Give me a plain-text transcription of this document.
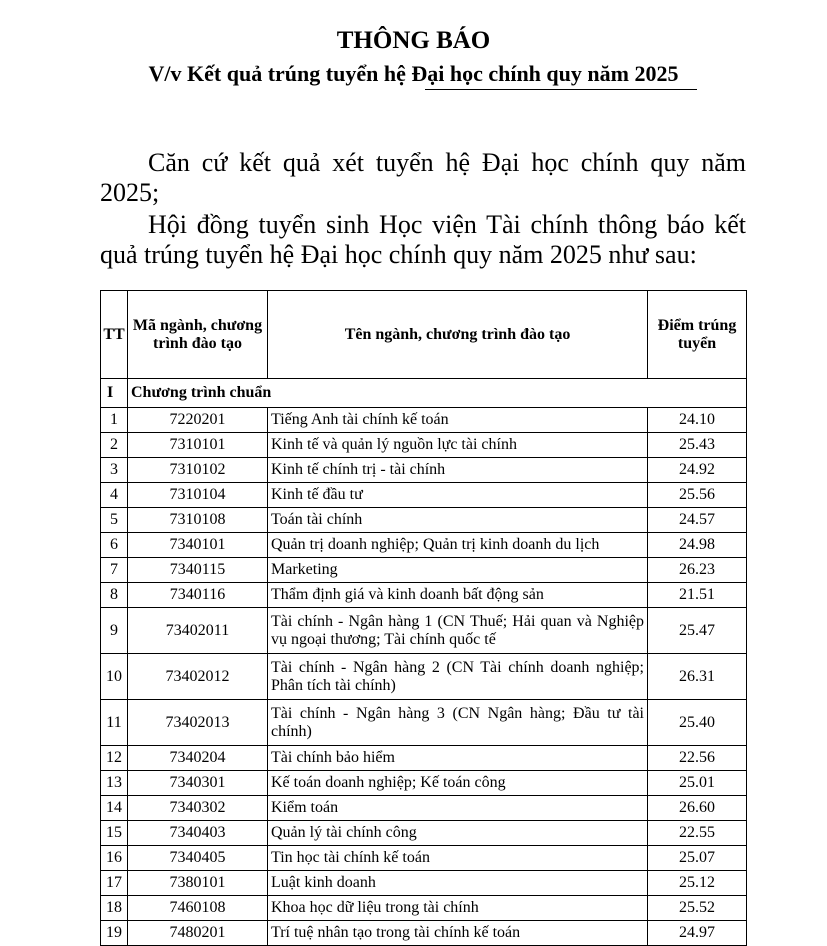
THÔNG BÁO
V/v Kết quả trúng tuyển hệ Đại học chính quy năm 2025

Căn cứ kết quả xét tuyển hệ Đại học chính quy năm 2025;

Hội đồng tuyển sinh Học viện Tài chính thông báo kết quả trúng tuyển hệ Đại học chính quy năm 2025 như sau:

TT	Mã ngành, chương trình đào tạo	Tên ngành, chương trình đào tạo	Điểm trúng tuyển
I	Chương trình chuẩn		
1	7220201	Tiếng Anh tài chính kế toán	24.10
2	7310101	Kinh tế và quản lý nguồn lực tài chính	25.43
3	7310102	Kinh tế chính trị - tài chính	24.92
4	7310104	Kinh tế đầu tư	25.56
5	7310108	Toán tài chính	24.57
6	7340101	Quản trị doanh nghiệp; Quản trị kinh doanh du lịch	24.98
7	7340115	Marketing	26.23
8	7340116	Thẩm định giá và kinh doanh bất động sản	21.51
9	73402011	Tài chính - Ngân hàng 1 (CN Thuế; Hải quan và Nghiệp vụ ngoại thương; Tài chính quốc tế	25.47
10	73402012	Tài chính - Ngân hàng 2 (CN Tài chính doanh nghiệp; Phân tích tài chính)	26.31
11	73402013	Tài chính - Ngân hàng 3 (CN Ngân hàng; Đầu tư tài chính)	25.40
12	7340204	Tài chính bảo hiểm	22.56
13	7340301	Kế toán doanh nghiệp; Kế toán công	25.01
14	7340302	Kiểm toán	26.60
15	7340403	Quản lý tài chính công	22.55
16	7340405	Tin học tài chính kế toán	25.07
17	7380101	Luật kinh doanh	25.12
18	7460108	Khoa học dữ liệu trong tài chính	25.52
19	7480201	Trí tuệ nhân tạo trong tài chính kế toán	24.97
